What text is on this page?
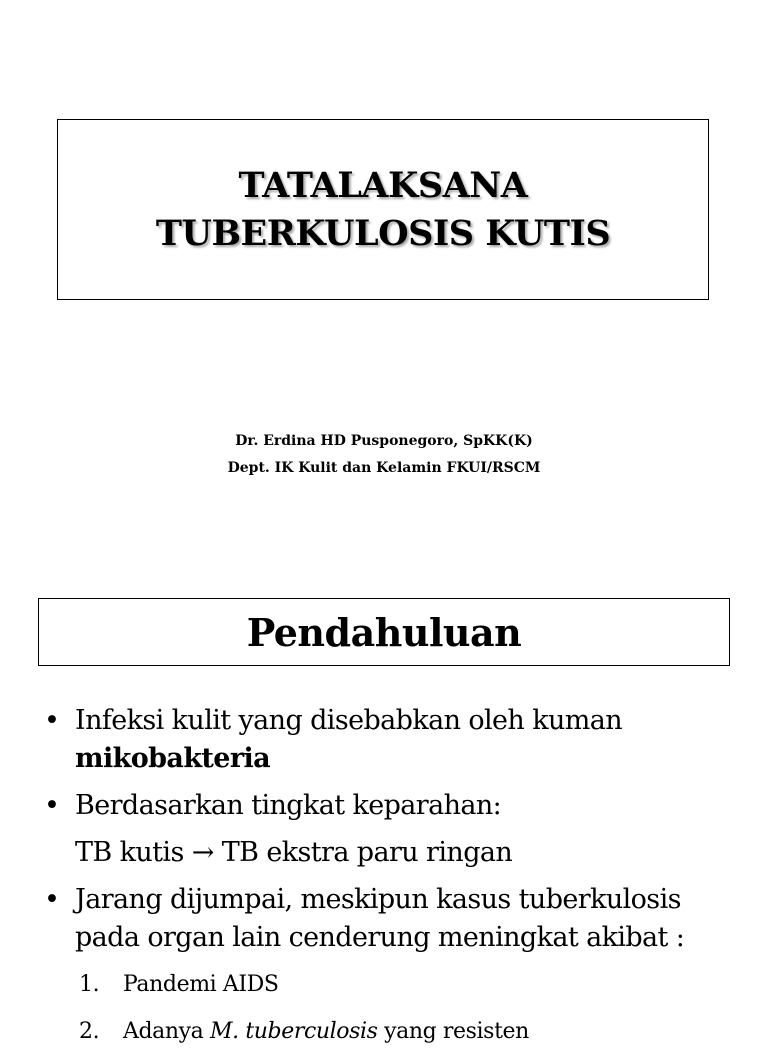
TATALAKSANA
TUBERKULOSIS KUTIS
Dr. Erdina HD Pusponegoro, SpKK(K)
Dept. IK Kulit dan Kelamin FKUI/RSCM
Pendahuluan
• Infeksi kulit yang disebabkan oleh kuman
mikobakteria
• Berdasarkan tingkat keparahan:
TB kutis → TB ekstra paru ringan
• Jarang dijumpai, meskipun kasus tuberkulosis pada organ lain cenderung meningkat akibat :
1.	Pandemi AIDS
2.	Adanya M. tuberculosis yang resisten
